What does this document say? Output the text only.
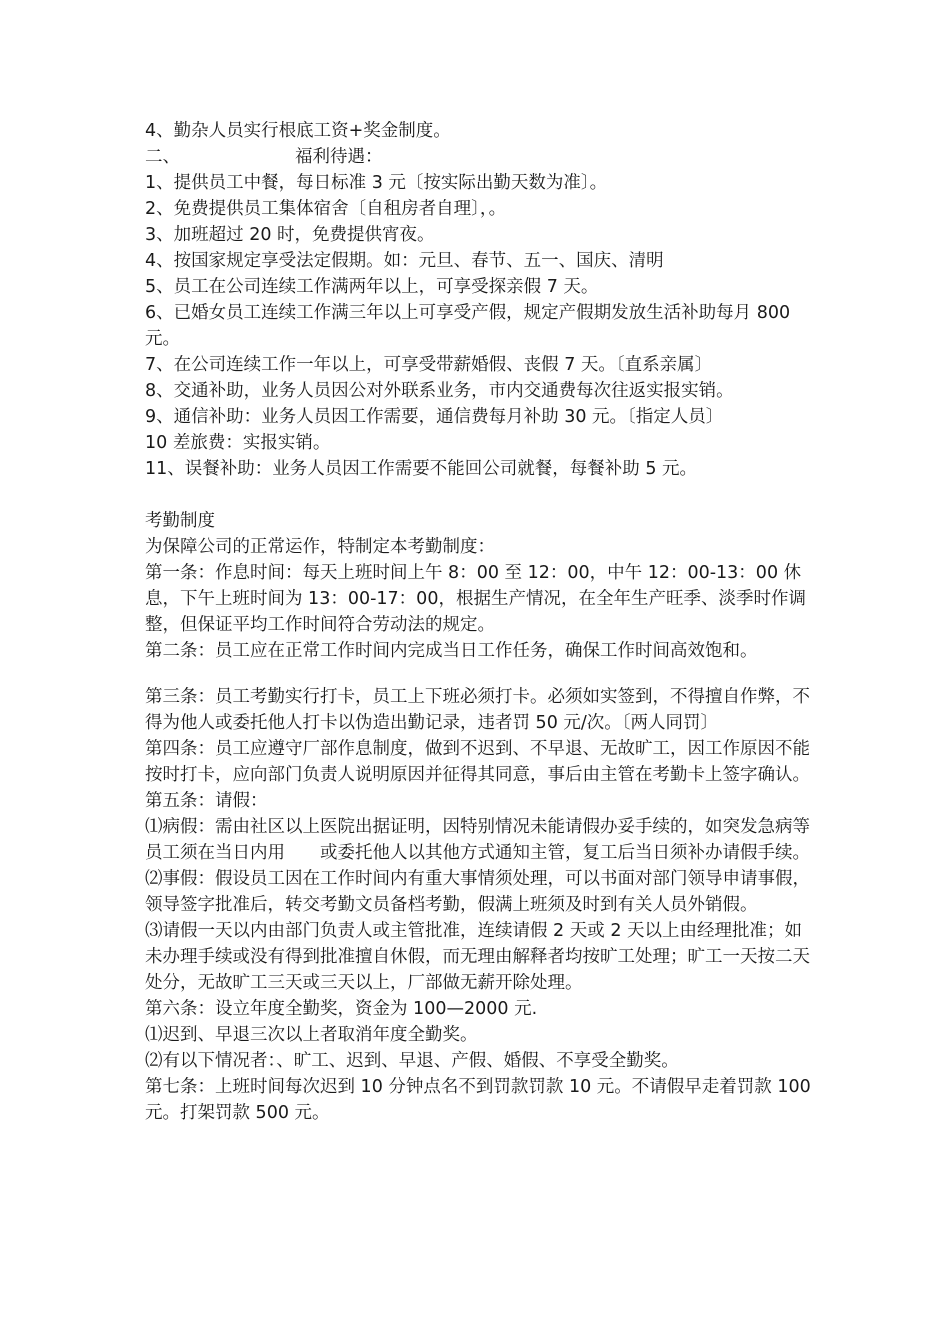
4、勤杂人员实行根底工资+奖金制度。
二、	福利待遇：
1、提供员工中餐，每日标准 3 元〔按实际出勤天数为准〕。
2、免费提供员工集体宿舍〔自租房者自理〕，。
3、加班超过 20 时，免费提供宵夜。
4、按国家规定享受法定假期。如：元旦、春节、五一、国庆、清明
5、员工在公司连续工作满两年以上，可享受探亲假 7 天。
6、已婚女员工连续工作满三年以上可享受产假，规定产假期发放生活补助每月 800 元。
7、在公司连续工作一年以上，可享受带薪婚假、丧假 7 天。〔直系亲属〕
8、交通补助，业务人员因公对外联系业务，市内交通费每次往返实报实销。
9、通信补助：业务人员因工作需要，通信费每月补助 30 元。〔指定人员〕
10 差旅费：实报实销。
11、误餐补助：业务人员因工作需要不能回公司就餐，每餐补助 5 元。
考勤制度
为保障公司的正常运作，特制定本考勤制度：
第一条：作息时间：每天上班时间上午 8：00 至 12：00，中午 12：00-13：00 休息，下午上班时间为 13：00-17：00，根据生产情况，在全年生产旺季、淡季时作调整，但保证平均工作时间符合劳动法的规定。
第二条：员工应在正常工作时间内完成当日工作任务，确保工作时间高效饱和。
第三条：员工考勤实行打卡，员工上下班必须打卡。必须如实签到，不得擅自作弊，不得为他人或委托他人打卡以伪造出勤记录，违者罚 50 元/次。〔两人同罚〕
第四条：员工应遵守厂部作息制度，做到不迟到、不早退、无故旷工，因工作原因不能按时打卡，应向部门负责人说明原因并征得其同意，事后由主管在考勤卡上签字确认。
第五条：请假：
⑴病假：需由社区以上医院出据证明，因特别情况未能请假办妥手续的，如突发急病等员工须在当日内用　　或委托他人以其他方式通知主管，复工后当日须补办请假手续。
⑵事假：假设员工因在工作时间内有重大事情须处理，可以书面对部门领导申请事假，领导签字批准后，转交考勤文员备档考勤，假满上班须及时到有关人员外销假。
⑶请假一天以内由部门负责人或主管批准，连续请假 2 天或 2 天以上由经理批准；如未办理手续或没有得到批准擅自休假，而无理由解释者均按旷工处理；旷工一天按二天处分，无故旷工三天或三天以上，厂部做无薪开除处理。
第六条：设立年度全勤奖，资金为 100—2000 元.
⑴迟到、早退三次以上者取消年度全勤奖。
⑵有以下情况者：、旷工、迟到、早退、产假、婚假、不享受全勤奖。
第七条：上班时间每次迟到 10 分钟点名不到罚款罚款 10 元。不请假早走着罚款 100 元。打架罚款 500 元。
